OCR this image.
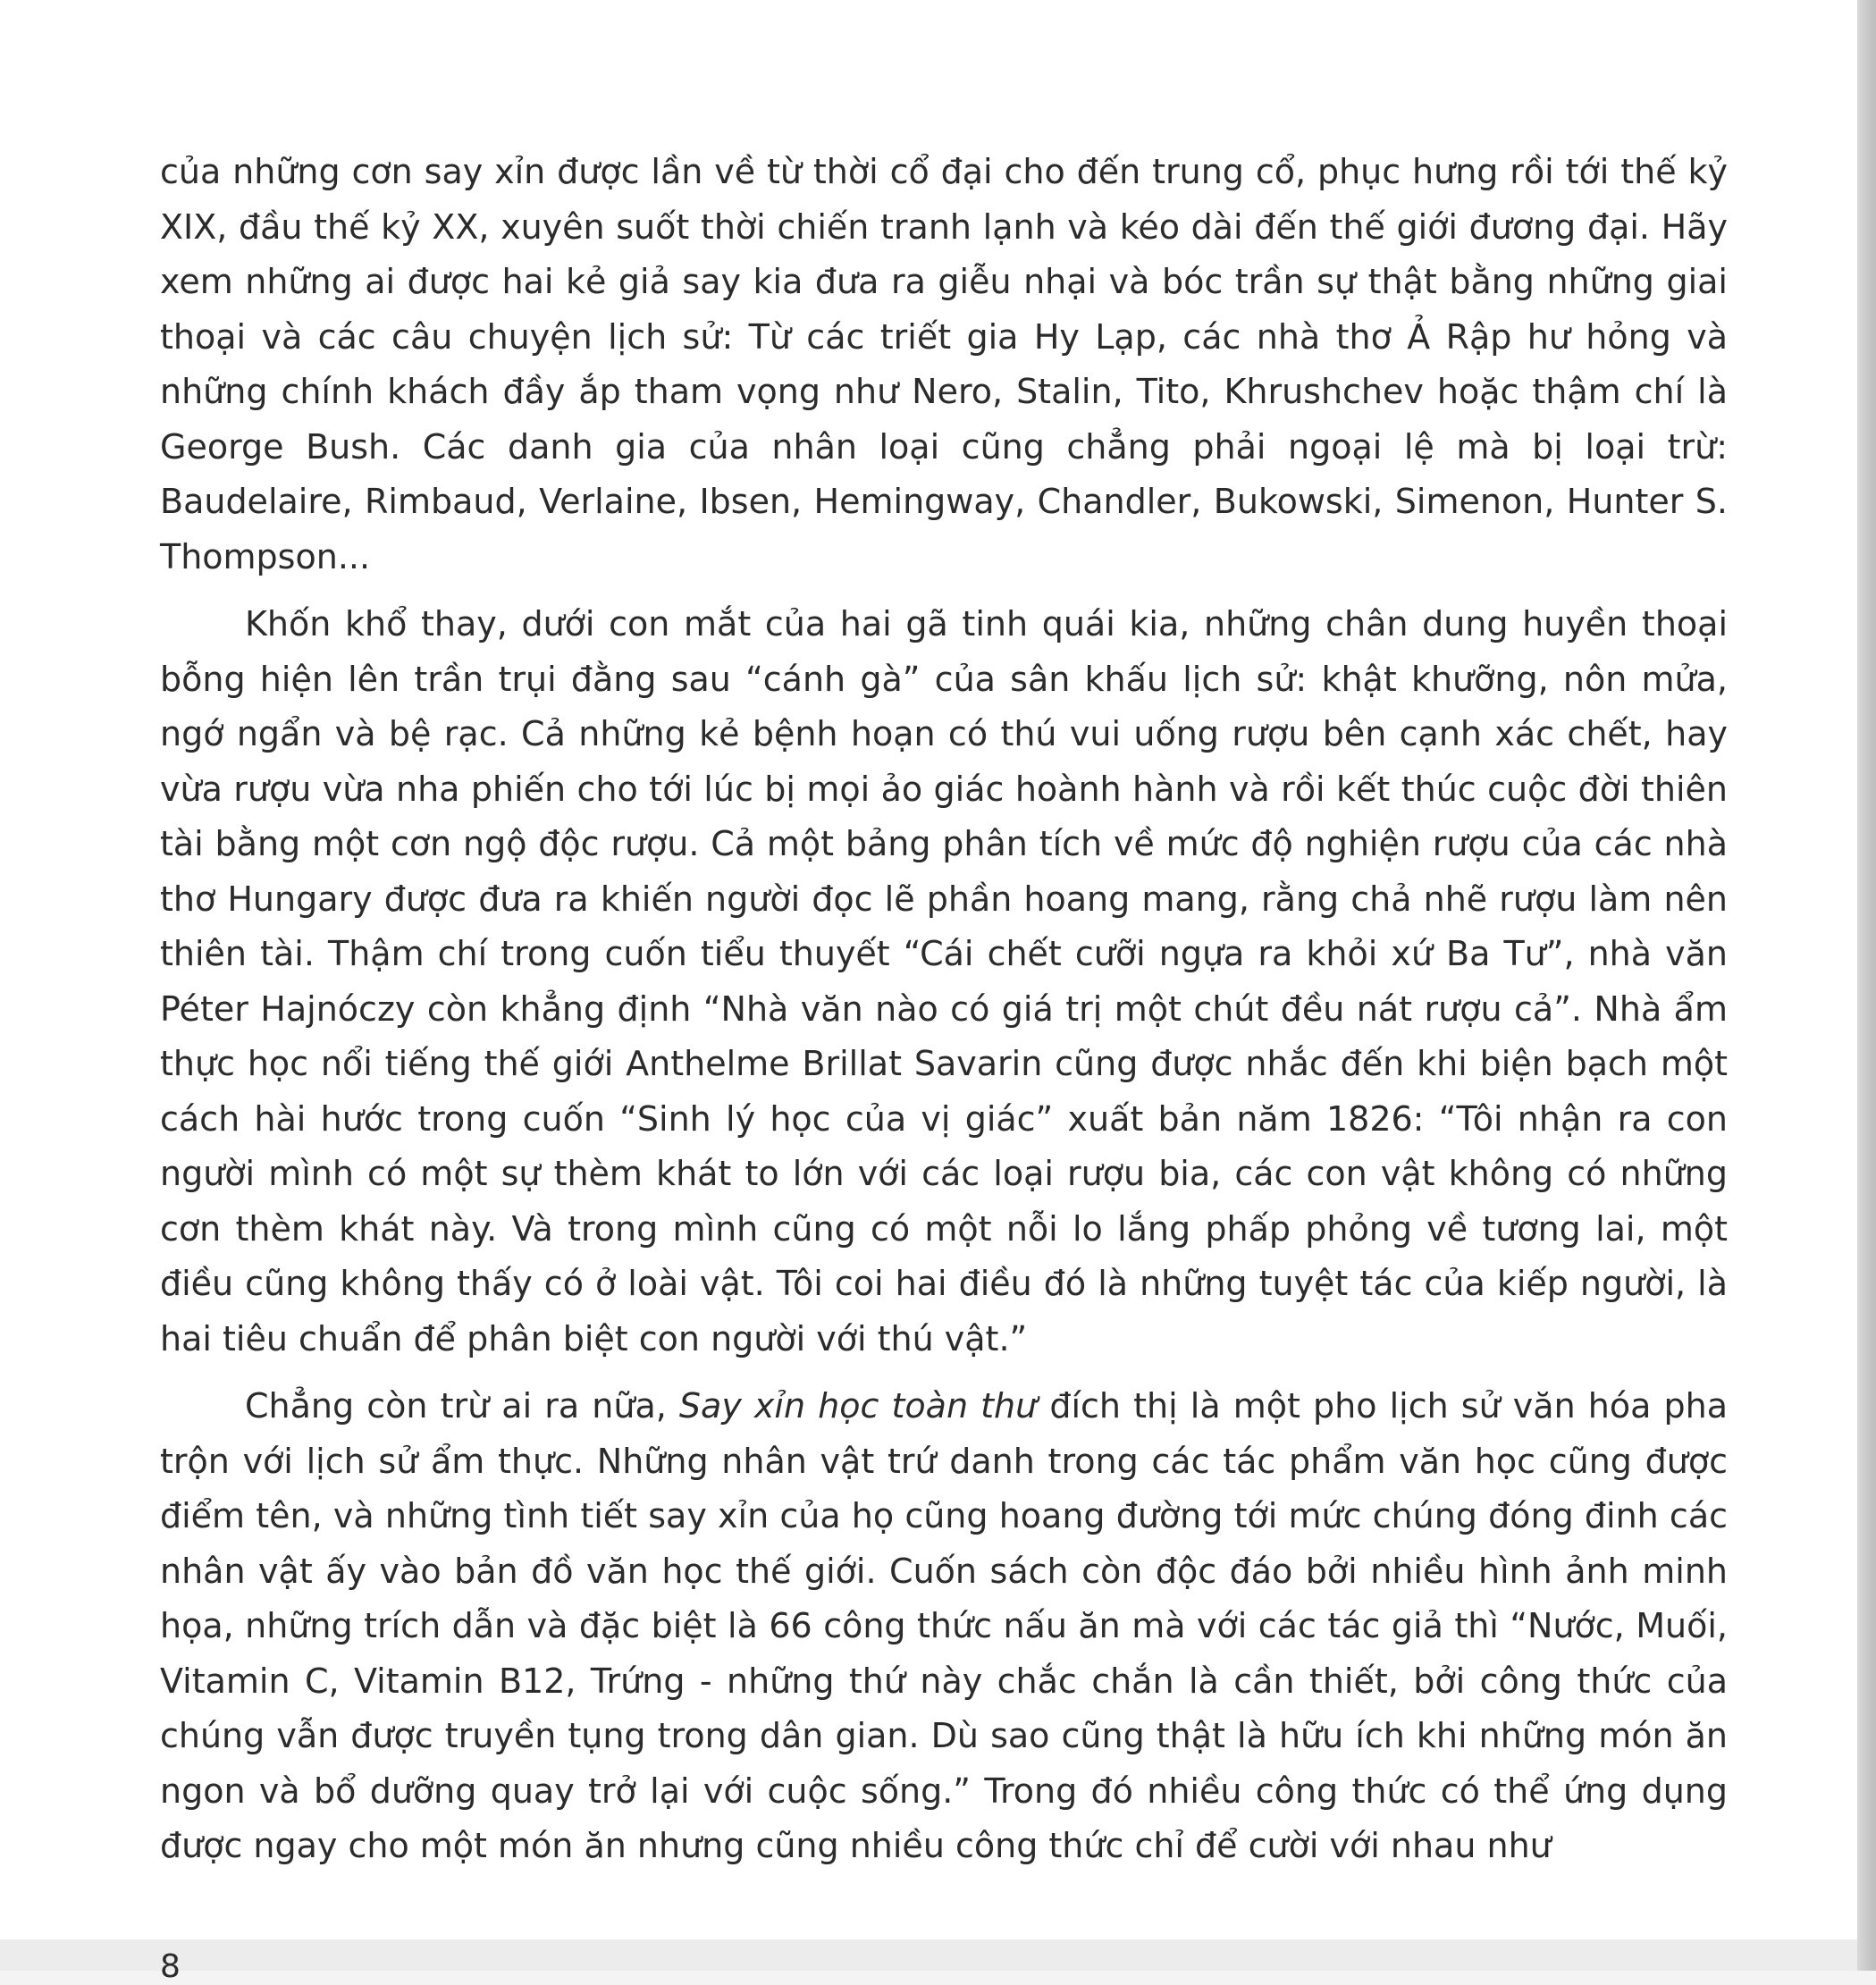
của những cơn say xỉn được lần về từ thời cổ đại cho đến trung cổ, phục hưng rồi tới thế kỷ XIX, đầu thế kỷ XX, xuyên suốt thời chiến tranh lạnh và kéo dài đến thế giới đương đại. Hãy xem những ai được hai kẻ giả say kia đưa ra giễu nhại và bóc trần sự thật bằng những giai thoại và các câu chuyện lịch sử: Từ các triết gia Hy Lạp, các nhà thơ Ả Rập hư hỏng và những chính khách đầy ắp tham vọng như Nero, Stalin, Tito, Khrushchev hoặc thậm chí là George Bush. Các danh gia của nhân loại cũng chẳng phải ngoại lệ mà bị loại trừ: Baudelaire, Rimbaud, Verlaine, Ibsen, Hemingway, Chandler, Bukowski, Simenon, Hunter S. Thompson...

Khốn khổ thay, dưới con mắt của hai gã tinh quái kia, những chân dung huyền thoại bỗng hiện lên trần trụi đằng sau “cánh gà” của sân khấu lịch sử: khật khưỡng, nôn mửa, ngớ ngẩn và bệ rạc. Cả những kẻ bệnh hoạn có thú vui uống rượu bên cạnh xác chết, hay vừa rượu vừa nha phiến cho tới lúc bị mọi ảo giác hoành hành và rồi kết thúc cuộc đời thiên tài bằng một cơn ngộ độc rượu. Cả một bảng phân tích về mức độ nghiện rượu của các nhà thơ Hungary được đưa ra khiến người đọc lẽ phần hoang mang, rằng chả nhẽ rượu làm nên thiên tài. Thậm chí trong cuốn tiểu thuyết “Cái chết cưỡi ngựa ra khỏi xứ Ba Tư”, nhà văn Péter Hajnóczy còn khẳng định “Nhà văn nào có giá trị một chút đều nát rượu cả”. Nhà ẩm thực học nổi tiếng thế giới Anthelme Brillat Savarin cũng được nhắc đến khi biện bạch một cách hài hước trong cuốn “Sinh lý học của vị giác” xuất bản năm 1826: “Tôi nhận ra con người mình có một sự thèm khát to lớn với các loại rượu bia, các con vật không có những cơn thèm khát này. Và trong mình cũng có một nỗi lo lắng phấp phỏng về tương lai, một điều cũng không thấy có ở loài vật. Tôi coi hai điều đó là những tuyệt tác của kiếp người, là hai tiêu chuẩn để phân biệt con người với thú vật.”

Chẳng còn trừ ai ra nữa, Say xỉn học toàn thư đích thị là một pho lịch sử văn hóa pha trộn với lịch sử ẩm thực. Những nhân vật trứ danh trong các tác phẩm văn học cũng được điểm tên, và những tình tiết say xỉn của họ cũng hoang đường tới mức chúng đóng đinh các nhân vật ấy vào bản đồ văn học thế giới. Cuốn sách còn độc đáo bởi nhiều hình ảnh minh họa, những trích dẫn và đặc biệt là 66 công thức nấu ăn mà với các tác giả thì “Nước, Muối, Vitamin C, Vitamin B12, Trứng - những thứ này chắc chắn là cần thiết, bởi công thức của chúng vẫn được truyền tụng trong dân gian. Dù sao cũng thật là hữu ích khi những món ăn ngon và bổ dưỡng quay trở lại với cuộc sống.” Trong đó nhiều công thức có thể ứng dụng được ngay cho một món ăn nhưng cũng nhiều công thức chỉ để cười với nhau như

8
